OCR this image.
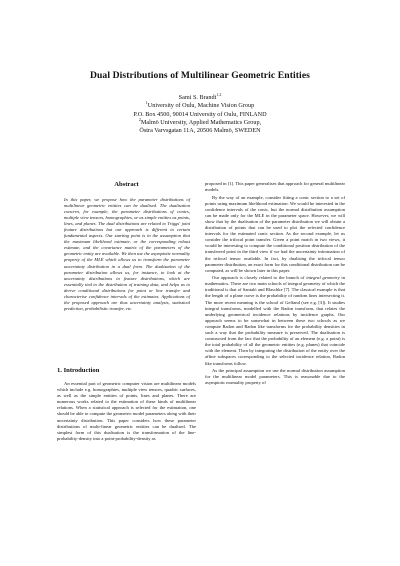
Dual Distributions of Multilinear Geometric Entities
Sami S. Brandt$^{1,2}$
$^1$University of Oulu, Machine Vision Group
P.O. Box 4500, 90014 University of Oulu, FINLAND
$^2$Malmö University, Applied Mathematics Group,
Östra Varvsgatan 11A, 20506 Malmö, SWEDEN
Abstract
In this paper, we propose how the parameter distributions of multilinear geometric entities can be dualised. The dualisation concern, for example, the parameter distributions of conics, multiple view tensors, homographies, or as simple entities as points, lines, and planes. The dual distributions are related to Triggs' joint feature distributions but our approach is different in certain fundamental aspects. Our starting point is in the assumption that the maximum likelihood estimate, or the corresponding robust estimate, and the covariance matrix of the parameters of the geometric entity are available. We then use the asymptotic normality property of the MLE which allows us to transform the parameter uncertainty distribution in a dual form. The dualisation of the parameter distribution allows us, for instance, to look at the uncertainty distributions in feature distributions, which are essentially tied to the distribution of training data, and helps us to derive conditional distributions for point or line transfer and characterise confidence intervals of the estimates. Applications of the proposed approach are thus uncertainty analysis, statistical prediction, probabilistic transfer, etc.
1. Introduction

An essential part of geometric computer vision are multilinear models which include e.g. homographies, multiple view tensors, quadric surfaces, as well as the simple entities of points, lines and planes. There are numerous works related to the estimation of these kinds of multilinear relations. When a statistical approach is selected for the estimation, one should be able to compute the geometric model parameters along with their uncertainty distribution. This paper considers how these parameter distributions of multi-linear geometric entities can be dualised. The simplest form of this dualisation is the transformation of the line-probability-density into a point-probability-density as

proposed in [1]. This paper generalises that approach for general multilinear models.

By the way of an example, consider fitting a conic section to a set of points using maximum likelihood estimation. We would be interested in the confidence intervals of the conic, but the normal distribution assumption can be made only for the MLE in the parameter space. However, we will show that by the dualisation of the parameter distribution we will obtain a distribution of points that can be used to plot the selected confidence intervals for the estimated conic section. As the second example, let us consider the trifocal point transfer. Given a point match in two views, it would be interesting to compute the conditional position distribution of the transferred point in the third view if we had the uncertainty information of the trifocal tensor available. In fact, by dualising the trifocal tensor parameter distribution, an exact form for this conditional distribution can be computed, as will be shown later in this paper.

Our approach is closely related to the branch of integral geometry in mathematics. There are two main schools of integral geometry of which the traditional is that of Santaló and Blaschke [7]. The classical example is that the length of a plane curve is the probability of random lines intersecting it. The more recent meaning is the school of Gelfand (see e.g. [3]). It studies integral transforms, modelled with the Radon transform, that relates the underlying geometrical incidence relations by incidence graphs. Our approach seems to be somewhat in between these two schools as we compute Radon and Radon like transforms for the probability densities in such a way that the probability measure is preserved. The dualisation is constructed from the fact that the probability of an element (e.g. a point) is the total probability of all the geometric entities (e.g. planes) that coincide with the element. Then by integrating the distribution of the entity over the affine subspaces corresponding to the selected incidence relation, Radon like transforms follow.

As the principal assumption we use the normal distribution assumption for the multilinear model parameters. This is reasonable due to the asymptotic normality property of
